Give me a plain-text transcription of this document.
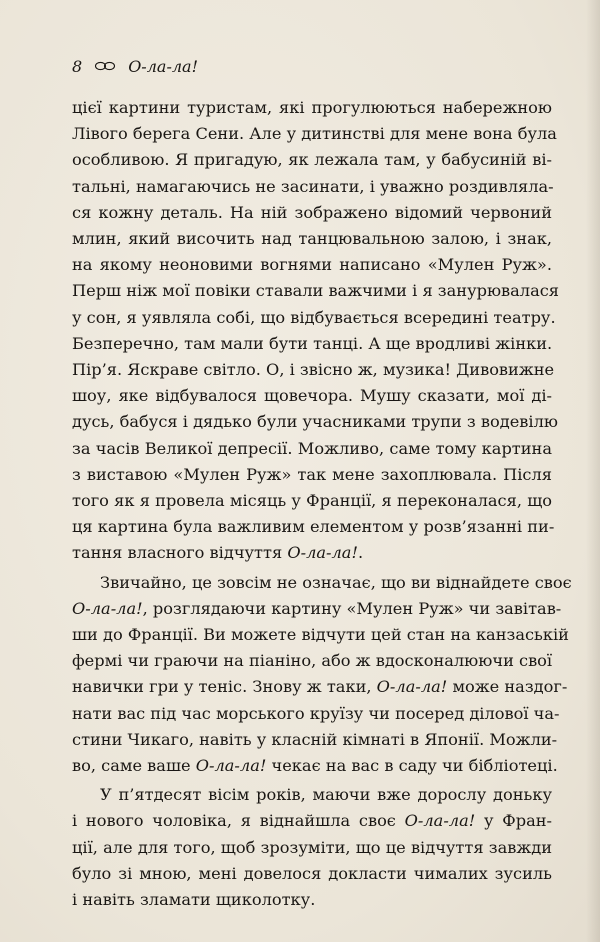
8	О-ла-ла!
цієї картини туристам, які прогулюються набережною
Лівого берега Сени. Але у дитинстві для мене вона була
особливою. Я пригадую, як лежала там, у бабусиній ві-
тальні, намагаючись не засинати, і уважно роздивляла-
ся кожну деталь. На ній зображено відомий червоний
млин, який височить над танцювальною залою, і знак,
на якому неоновими вогнями написано «Мулен Руж».
Перш ніж мої повіки ставали важчими і я занурювалася
у сон, я уявляла собі, що відбувається всередині театру.
Безперечно, там мали бути танці. А ще вродливі жінки.
Пір’я. Яскраве світло. О, і звісно ж, музика! Дивовижне
шоу, яке відбувалося щовечора. Мушу сказати, мої ді-
дусь, бабуся і дядько були учасниками трупи з водевілю
за часів Великої депресії. Можливо, саме тому картина
з виставою «Мулен Руж» так мене захоплювала. Після
того як я провела місяць у Франції, я переконалася, що
ця картина була важливим елементом у розв’язанні пи-
тання власного відчуття О-ла-ла!.
Звичайно, це зовсім не означає, що ви віднайдете своє
О-ла-ла!, розглядаючи картину «Мулен Руж» чи завітав-
ши до Франції. Ви можете відчути цей стан на канзаській
фермі чи граючи на піаніно, або ж вдосконалюючи свої
навички гри у теніс. Знову ж таки, О-ла-ла! може наздог-
нати вас під час морського круїзу чи посеред ділової ча-
стини Чикаго, навіть у класній кімнаті в Японії. Можли-
во, саме ваше О-ла-ла! чекає на вас в саду чи бібліотеці.
У п’ятдесят вісім років, маючи вже дорослу доньку
і нового чоловіка, я віднайшла своє О-ла-ла! у Фран-
ції, але для того, щоб зрозуміти, що це відчуття завжди
було зі мною, мені довелося докласти чималих зусиль
і навіть зламати щиколотку.
